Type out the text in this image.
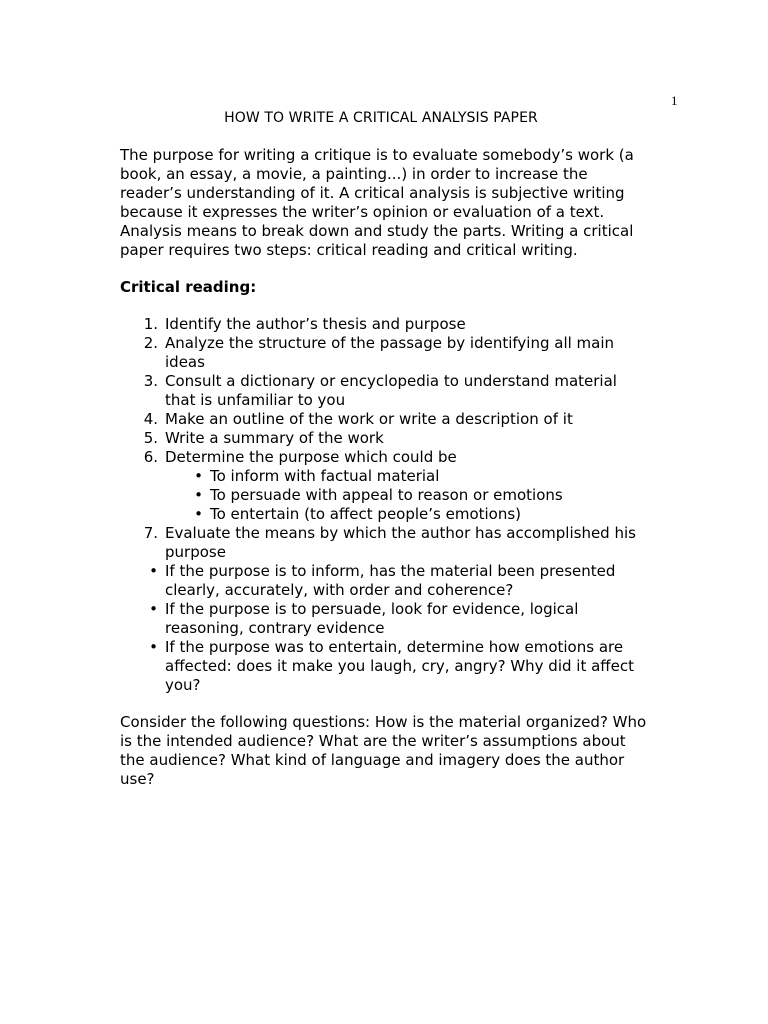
1
HOW TO WRITE A CRITICAL ANALYSIS PAPER

The purpose for writing a critique is to evaluate somebody’s work (a book, an essay, a movie, a painting...) in order to increase the reader’s understanding of it. A critical analysis is subjective writing because it expresses the writer’s opinion or evaluation of a text. Analysis means to break down and study the parts. Writing a critical paper requires two steps: critical reading and critical writing.

Critical reading:

1. Identify the author’s thesis and purpose
2. Analyze the structure of the passage by identifying all main ideas
3. Consult a dictionary or encyclopedia to understand material that is unfamiliar to you
4. Make an outline of the work or write a description of it
5. Write a summary of the work
6. Determine the purpose which could be
• To inform with factual material
• To persuade with appeal to reason or emotions
• To entertain (to affect people’s emotions)
7. Evaluate the means by which the author has accomplished his purpose
• If the purpose is to inform, has the material been presented clearly, accurately, with order and coherence?
• If the purpose is to persuade, look for evidence, logical reasoning, contrary evidence
• If the purpose was to entertain, determine how emotions are affected: does it make you laugh, cry, angry? Why did it affect you?

Consider the following questions: How is the material organized? Who is the intended audience? What are the writer’s assumptions about the audience? What kind of language and imagery does the author use?
